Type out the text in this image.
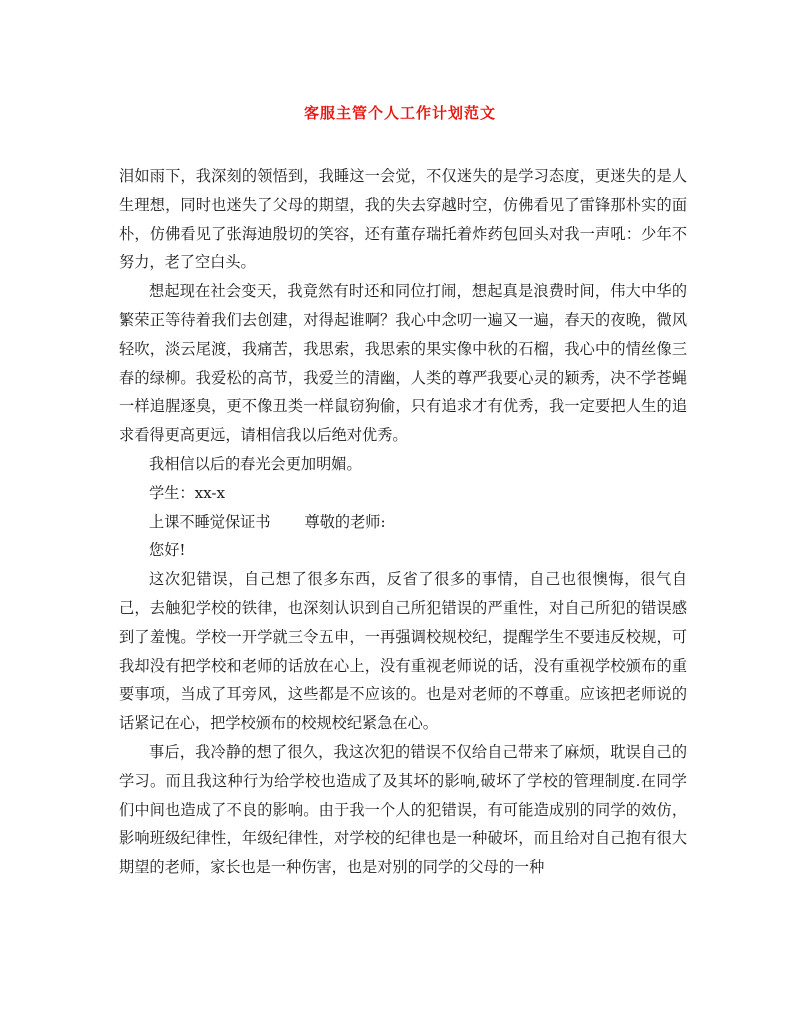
客服主管个人工作计划范文

泪如雨下，我深刻的领悟到，我睡这一会觉，不仅迷失的是学习态度，更迷失的是人生理想，同时也迷失了父母的期望，我的失去穿越时空，仿佛看见了雷锋那朴实的面朴，仿佛看见了张海迪殷切的笑容，还有董存瑞托着炸药包回头对我一声吼：少年不努力，老了空白头。

想起现在社会变天，我竟然有时还和同位打闹，想起真是浪费时间，伟大中华的繁荣正等待着我们去创建，对得起谁啊？我心中念叨一遍又一遍，春天的夜晚，微风轻吹，淡云尾渡，我痛苦，我思索，我思索的果实像中秋的石榴，我心中的情丝像三春的绿柳。我爱松的高节，我爱兰的清幽，人类的尊严我要心灵的颖秀，决不学苍蝇一样追腥逐臭，更不像丑类一样鼠窃狗偷，只有追求才有优秀，我一定要把人生的追求看得更高更远，请相信我以后绝对优秀。

我相信以后的春光会更加明媚。

学生：xx-x

上课不睡觉保证书 尊敬的老师:

您好!

这次犯错误，自己想了很多东西，反省了很多的事情，自己也很懊悔，很气自己，去触犯学校的铁律，也深刻认识到自己所犯错误的严重性，对自己所犯的错误感到了羞愧。学校一开学就三令五申，一再强调校规校纪，提醒学生不要违反校规，可我却没有把学校和老师的话放在心上，没有重视老师说的话，没有重视学校颁布的重要事项，当成了耳旁风，这些都是不应该的。也是对老师的不尊重。应该把老师说的话紧记在心，把学校颁布的校规校纪紧急在心。

事后，我冷静的想了很久，我这次犯的错误不仅给自己带来了麻烦，耽误自己的学习。而且我这种行为给学校也造成了及其坏的影响,破坏了学校的管理制度.在同学们中间也造成了不良的影响。由于我一个人的犯错误，有可能造成别的同学的效仿，影响班级纪律性，年级纪律性，对学校的纪律也是一种破坏，而且给对自己抱有很大期望的老师，家长也是一种伤害，也是对别的同学的父母的一种
